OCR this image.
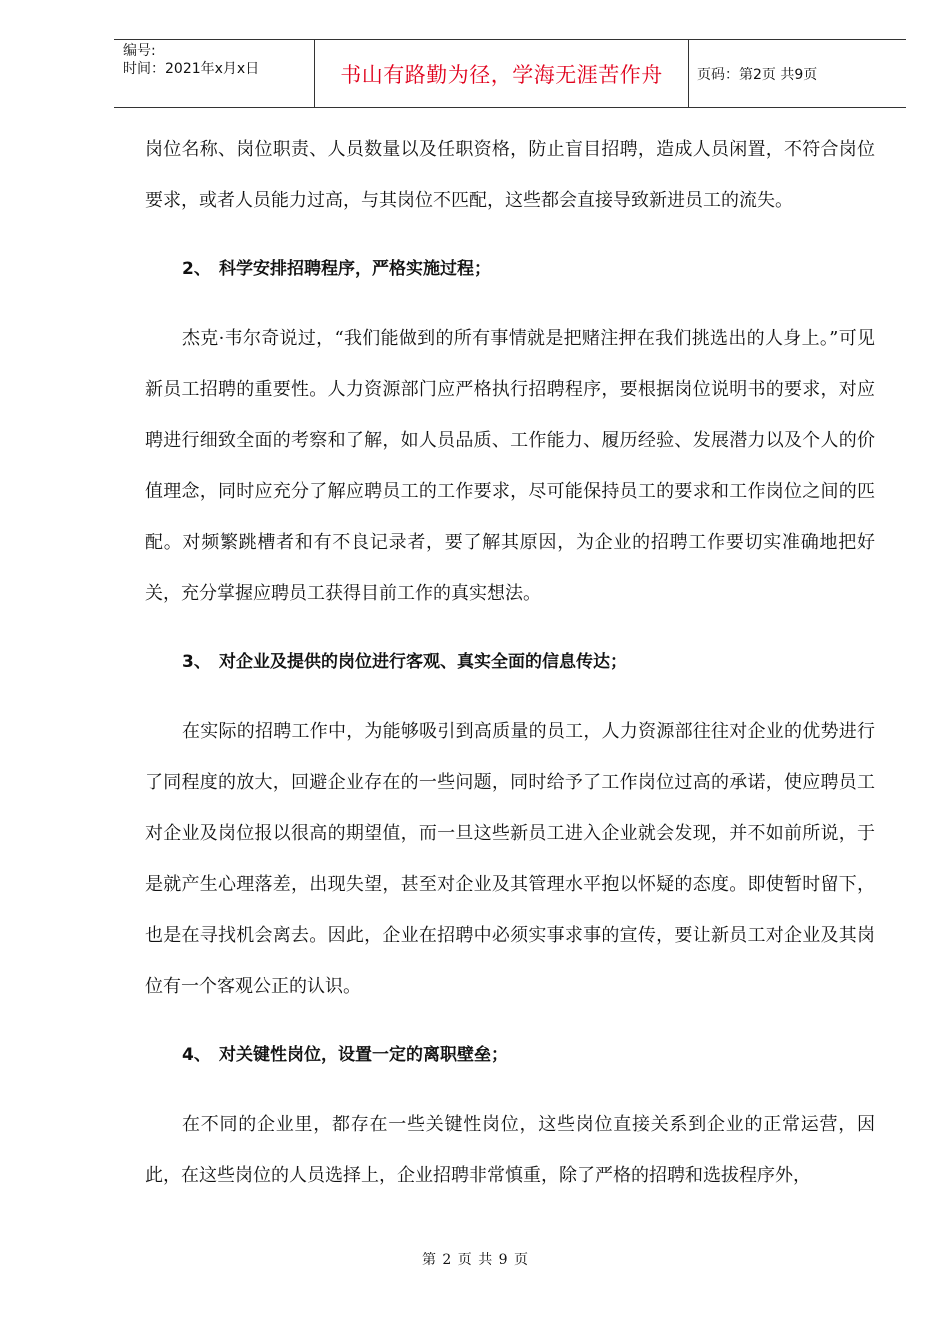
编号:
时间：2021年x月x日	书山有路勤为径，学海无涯苦作舟 页码：第2页 共9页

岗位名称、岗位职责、人员数量以及任职资格，防止盲目招聘，造成人员闲置，不符合岗位要求，或者人员能力过高，与其岗位不匹配，这些都会直接导致新进员工的流失。

2、 科学安排招聘程序，严格实施过程；

杰克·韦尔奇说过，“我们能做到的所有事情就是把赌注押在我们挑选出的人身上。”可见新员工招聘的重要性。人力资源部门应严格执行招聘程序，要根据岗位说明书的要求，对应聘进行细致全面的考察和了解，如人员品质、工作能力、履历经验、发展潜力以及个人的价值理念，同时应充分了解应聘员工的工作要求，尽可能保持员工的要求和工作岗位之间的匹配。对频繁跳槽者和有不良记录者，要了解其原因，为企业的招聘工作要切实准确地把好关，充分掌握应聘员工获得目前工作的真实想法。

3、 对企业及提供的岗位进行客观、真实全面的信息传达；

在实际的招聘工作中，为能够吸引到高质量的员工，人力资源部往往对企业的优势进行了同程度的放大，回避企业存在的一些问题，同时给予了工作岗位过高的承诺，使应聘员工对企业及岗位报以很高的期望值，而一旦这些新员工进入企业就会发现，并不如前所说，于是就产生心理落差，出现失望，甚至对企业及其管理水平抱以怀疑的态度。即使暂时留下，也是在寻找机会离去。因此，企业在招聘中必须实事求事的宣传，要让新员工对企业及其岗位有一个客观公正的认识。

4、 对关键性岗位，设置一定的离职壁垒；

在不同的企业里，都存在一些关键性岗位，这些岗位直接关系到企业的正常运营，因此，在这些岗位的人员选择上，企业招聘非常慎重，除了严格的招聘和选拔程序外，

第 2 页 共 9 页
